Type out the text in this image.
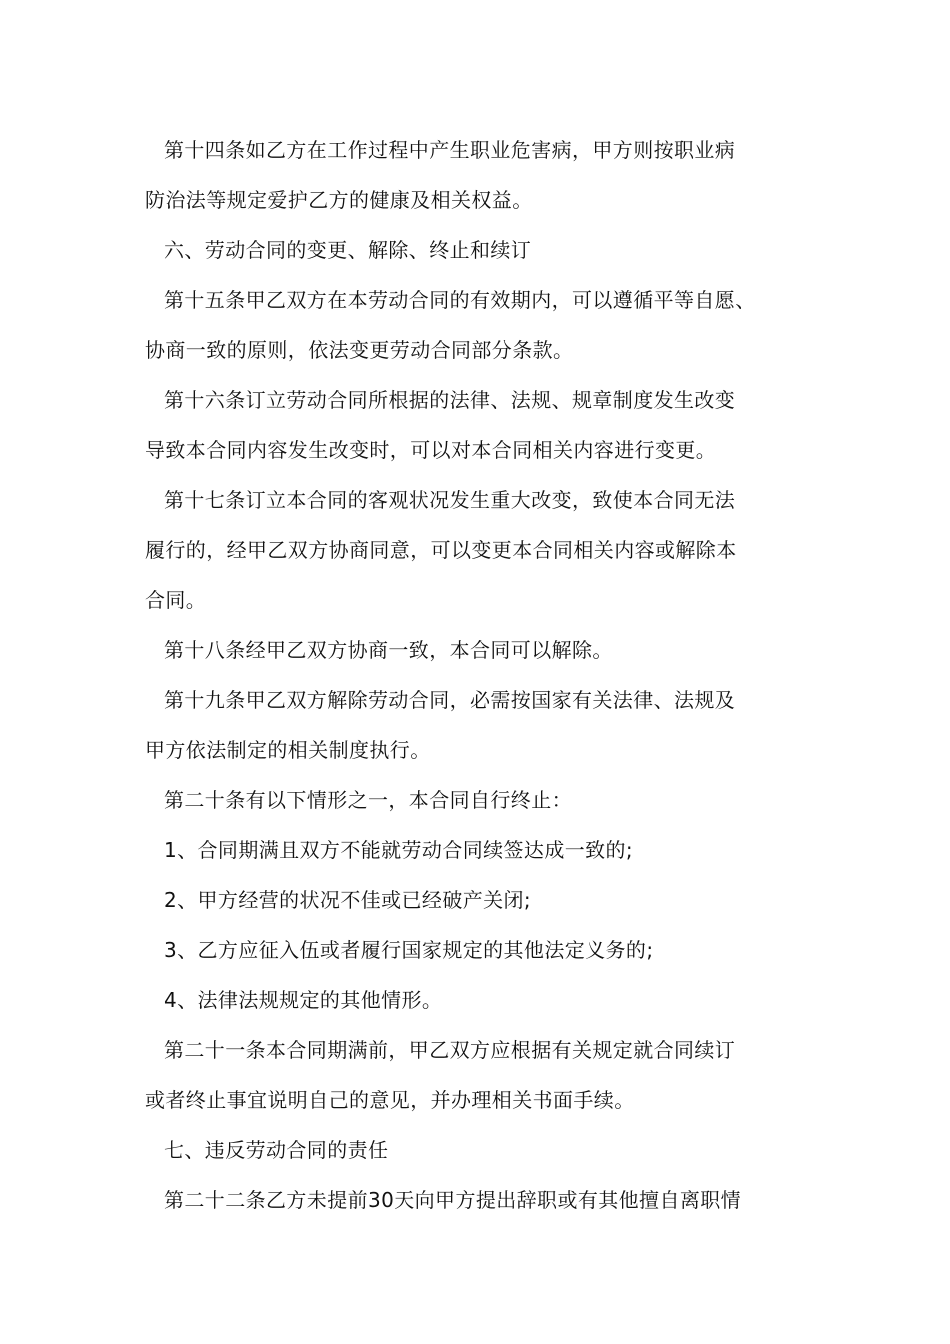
第十四条如乙方在工作过程中产生职业危害病，甲方则按职业病
防治法等规定爱护乙方的健康及相关权益。
六、劳动合同的变更、解除、终止和续订
第十五条甲乙双方在本劳动合同的有效期内，可以遵循平等自愿、
协商一致的原则，依法变更劳动合同部分条款。
第十六条订立劳动合同所根据的法律、法规、规章制度发生改变
导致本合同内容发生改变时，可以对本合同相关内容进行变更。
第十七条订立本合同的客观状况发生重大改变，致使本合同无法
履行的，经甲乙双方协商同意，可以变更本合同相关内容或解除本
合同。
第十八条经甲乙双方协商一致，本合同可以解除。
第十九条甲乙双方解除劳动合同，必需按国家有关法律、法规及
甲方依法制定的相关制度执行。
第二十条有以下情形之一，本合同自行终止：
1、合同期满且双方不能就劳动合同续签达成一致的;
2、甲方经营的状况不佳或已经破产关闭;
3、乙方应征入伍或者履行国家规定的其他法定义务的;
4、法律法规规定的其他情形。
第二十一条本合同期满前，甲乙双方应根据有关规定就合同续订
或者终止事宜说明自己的意见，并办理相关书面手续。
七、违反劳动合同的责任
第二十二条乙方未提前30天向甲方提出辞职或有其他擅自离职情
